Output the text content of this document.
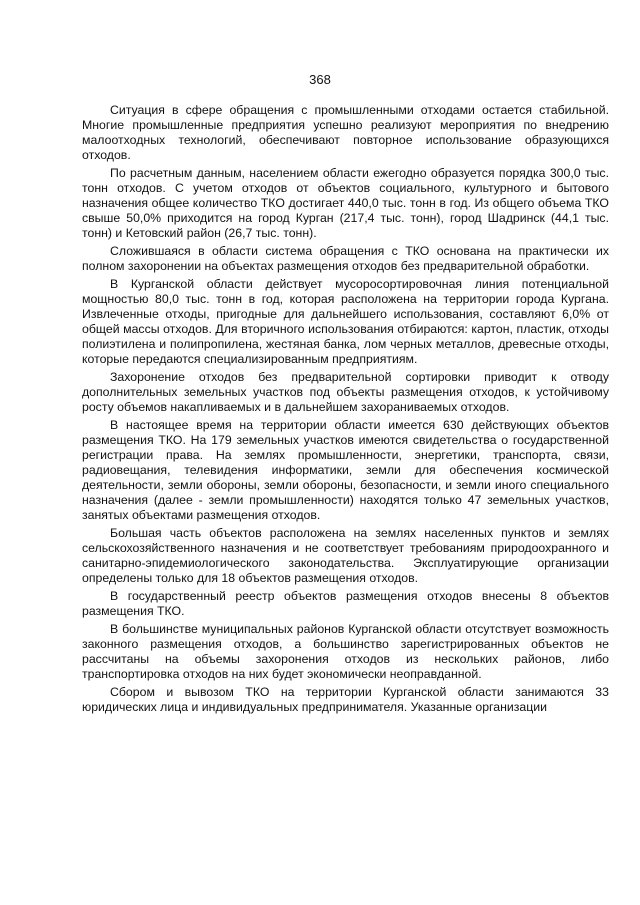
368

Ситуация в сфере обращения с промышленными отходами остается стабильной. Многие промышленные предприятия успешно реализуют мероприятия по внедрению малоотходных технологий, обеспечивают повторное использование образующихся отходов.

По расчетным данным, населением области ежегодно образуется порядка 300,0 тыс. тонн отходов. С учетом отходов от объектов социального, культурного и бытового назначения общее количество ТКО достигает 440,0 тыс. тонн в год. Из общего объема ТКО свыше 50,0% приходится на город Курган (217,4 тыс. тонн), город Шадринск (44,1 тыс. тонн) и Кетовский район (26,7 тыс. тонн).

Сложившаяся в области система обращения с ТКО основана на практически их полном захоронении на объектах размещения отходов без предварительной обработки.

В Курганской области действует мусоросортировочная линия потенциальной мощностью 80,0 тыс. тонн в год, которая расположена на территории города Кургана. Извлеченные отходы, пригодные для дальнейшего использования, составляют 6,0% от общей массы отходов. Для вторичного использования отбираются: картон, пластик, отходы полиэтилена и полипропилена, жестяная банка, лом черных металлов, древесные отходы, которые передаются специализированным предприятиям.

Захоронение отходов без предварительной сортировки приводит к отводу дополнительных земельных участков под объекты размещения отходов, к устойчивому росту объемов накапливаемых и в дальнейшем захораниваемых отходов.

В настоящее время на территории области имеется 630 действующих объектов размещения ТКО. На 179 земельных участков имеются свидетельства о государственной регистрации права. На землях промышленности, энергетики, транспорта, связи, радиовещания, телевидения информатики, земли для обеспечения космической деятельности, земли обороны, земли обороны, безопасности, и земли иного специального назначения (далее - земли промышленности) находятся только 47 земельных участков, занятых объектами размещения отходов.

Большая часть объектов расположена на землях населенных пунктов и землях сельскохозяйственного назначения и не соответствует требованиям природоохранного и санитарно-эпидемиологического законодательства. Эксплуатирующие организации определены только для 18 объектов размещения отходов.

В государственный реестр объектов размещения отходов внесены 8 объектов размещения ТКО.

В большинстве муниципальных районов Курганской области отсутствует возможность законного размещения отходов, а большинство зарегистрированных объектов не рассчитаны на объемы захоронения отходов из нескольких районов, либо транспортировка отходов на них будет экономически неоправданной.

Сбором и вывозом ТКО на территории Курганской области занимаются 33 юридических лица и индивидуальных предпринимателя. Указанные организации
